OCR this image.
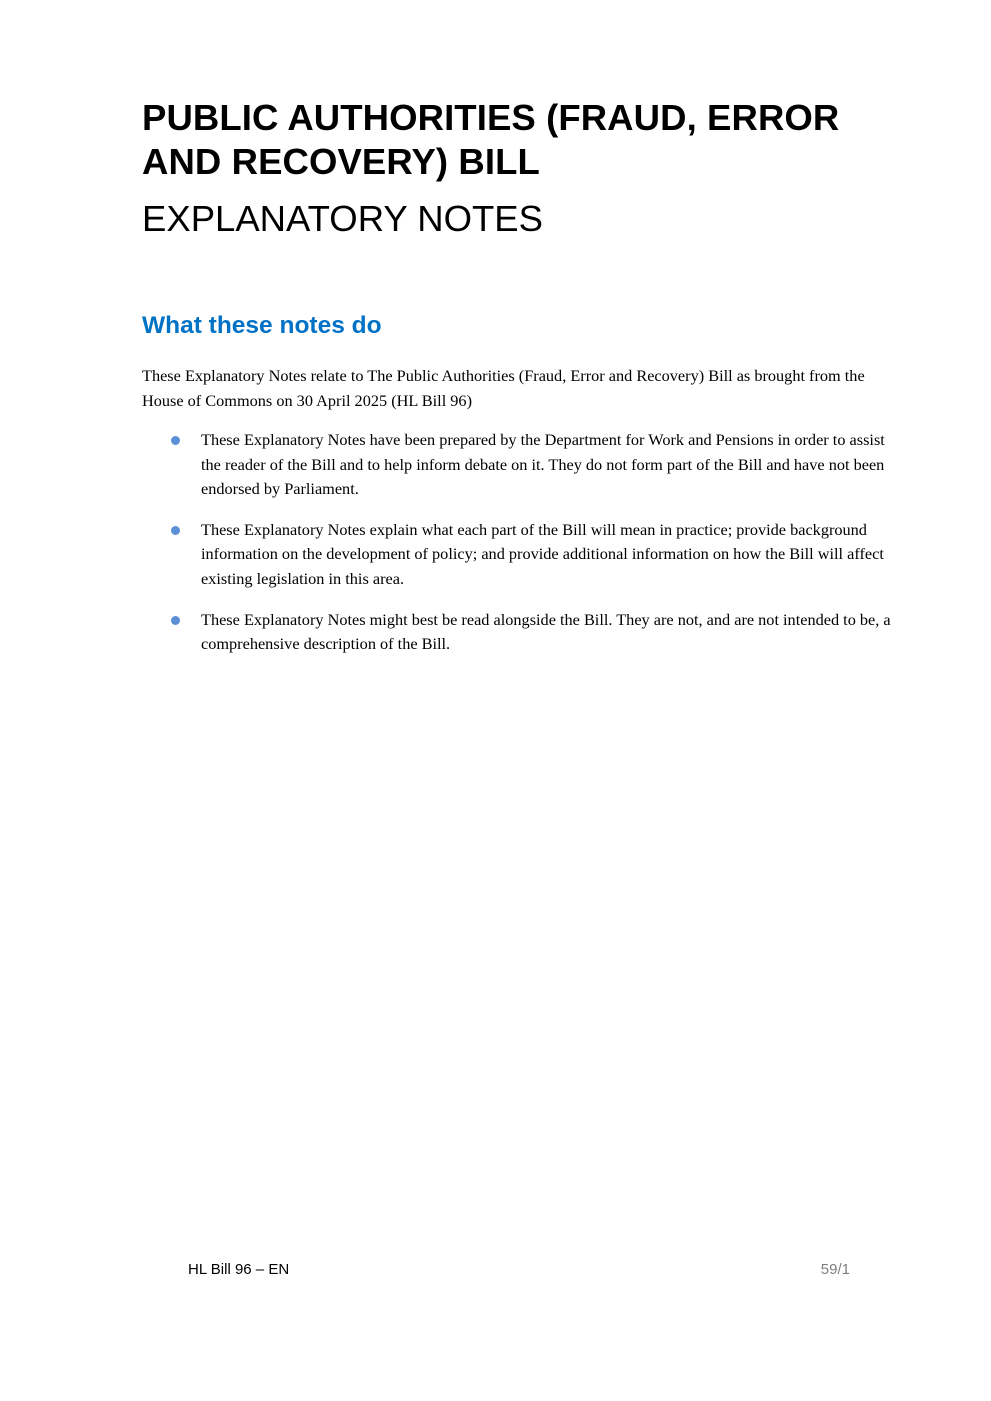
PUBLIC AUTHORITIES (FRAUD, ERROR AND RECOVERY) BILL
EXPLANATORY NOTES
What these notes do

These Explanatory Notes relate to The Public Authorities (Fraud, Error and Recovery) Bill as brought from the House of Commons on 30 April 2025 (HL Bill 96)

These Explanatory Notes have been prepared by the Department for Work and Pensions in order to assist the reader of the Bill and to help inform debate on it. They do not form part of the Bill and have not been endorsed by Parliament.
These Explanatory Notes explain what each part of the Bill will mean in practice; provide background information on the development of policy; and provide additional information on how the Bill will affect existing legislation in this area.
These Explanatory Notes might best be read alongside the Bill. They are not, and are not intended to be, a comprehensive description of the Bill.
HL Bill 96 – EN	59/1
